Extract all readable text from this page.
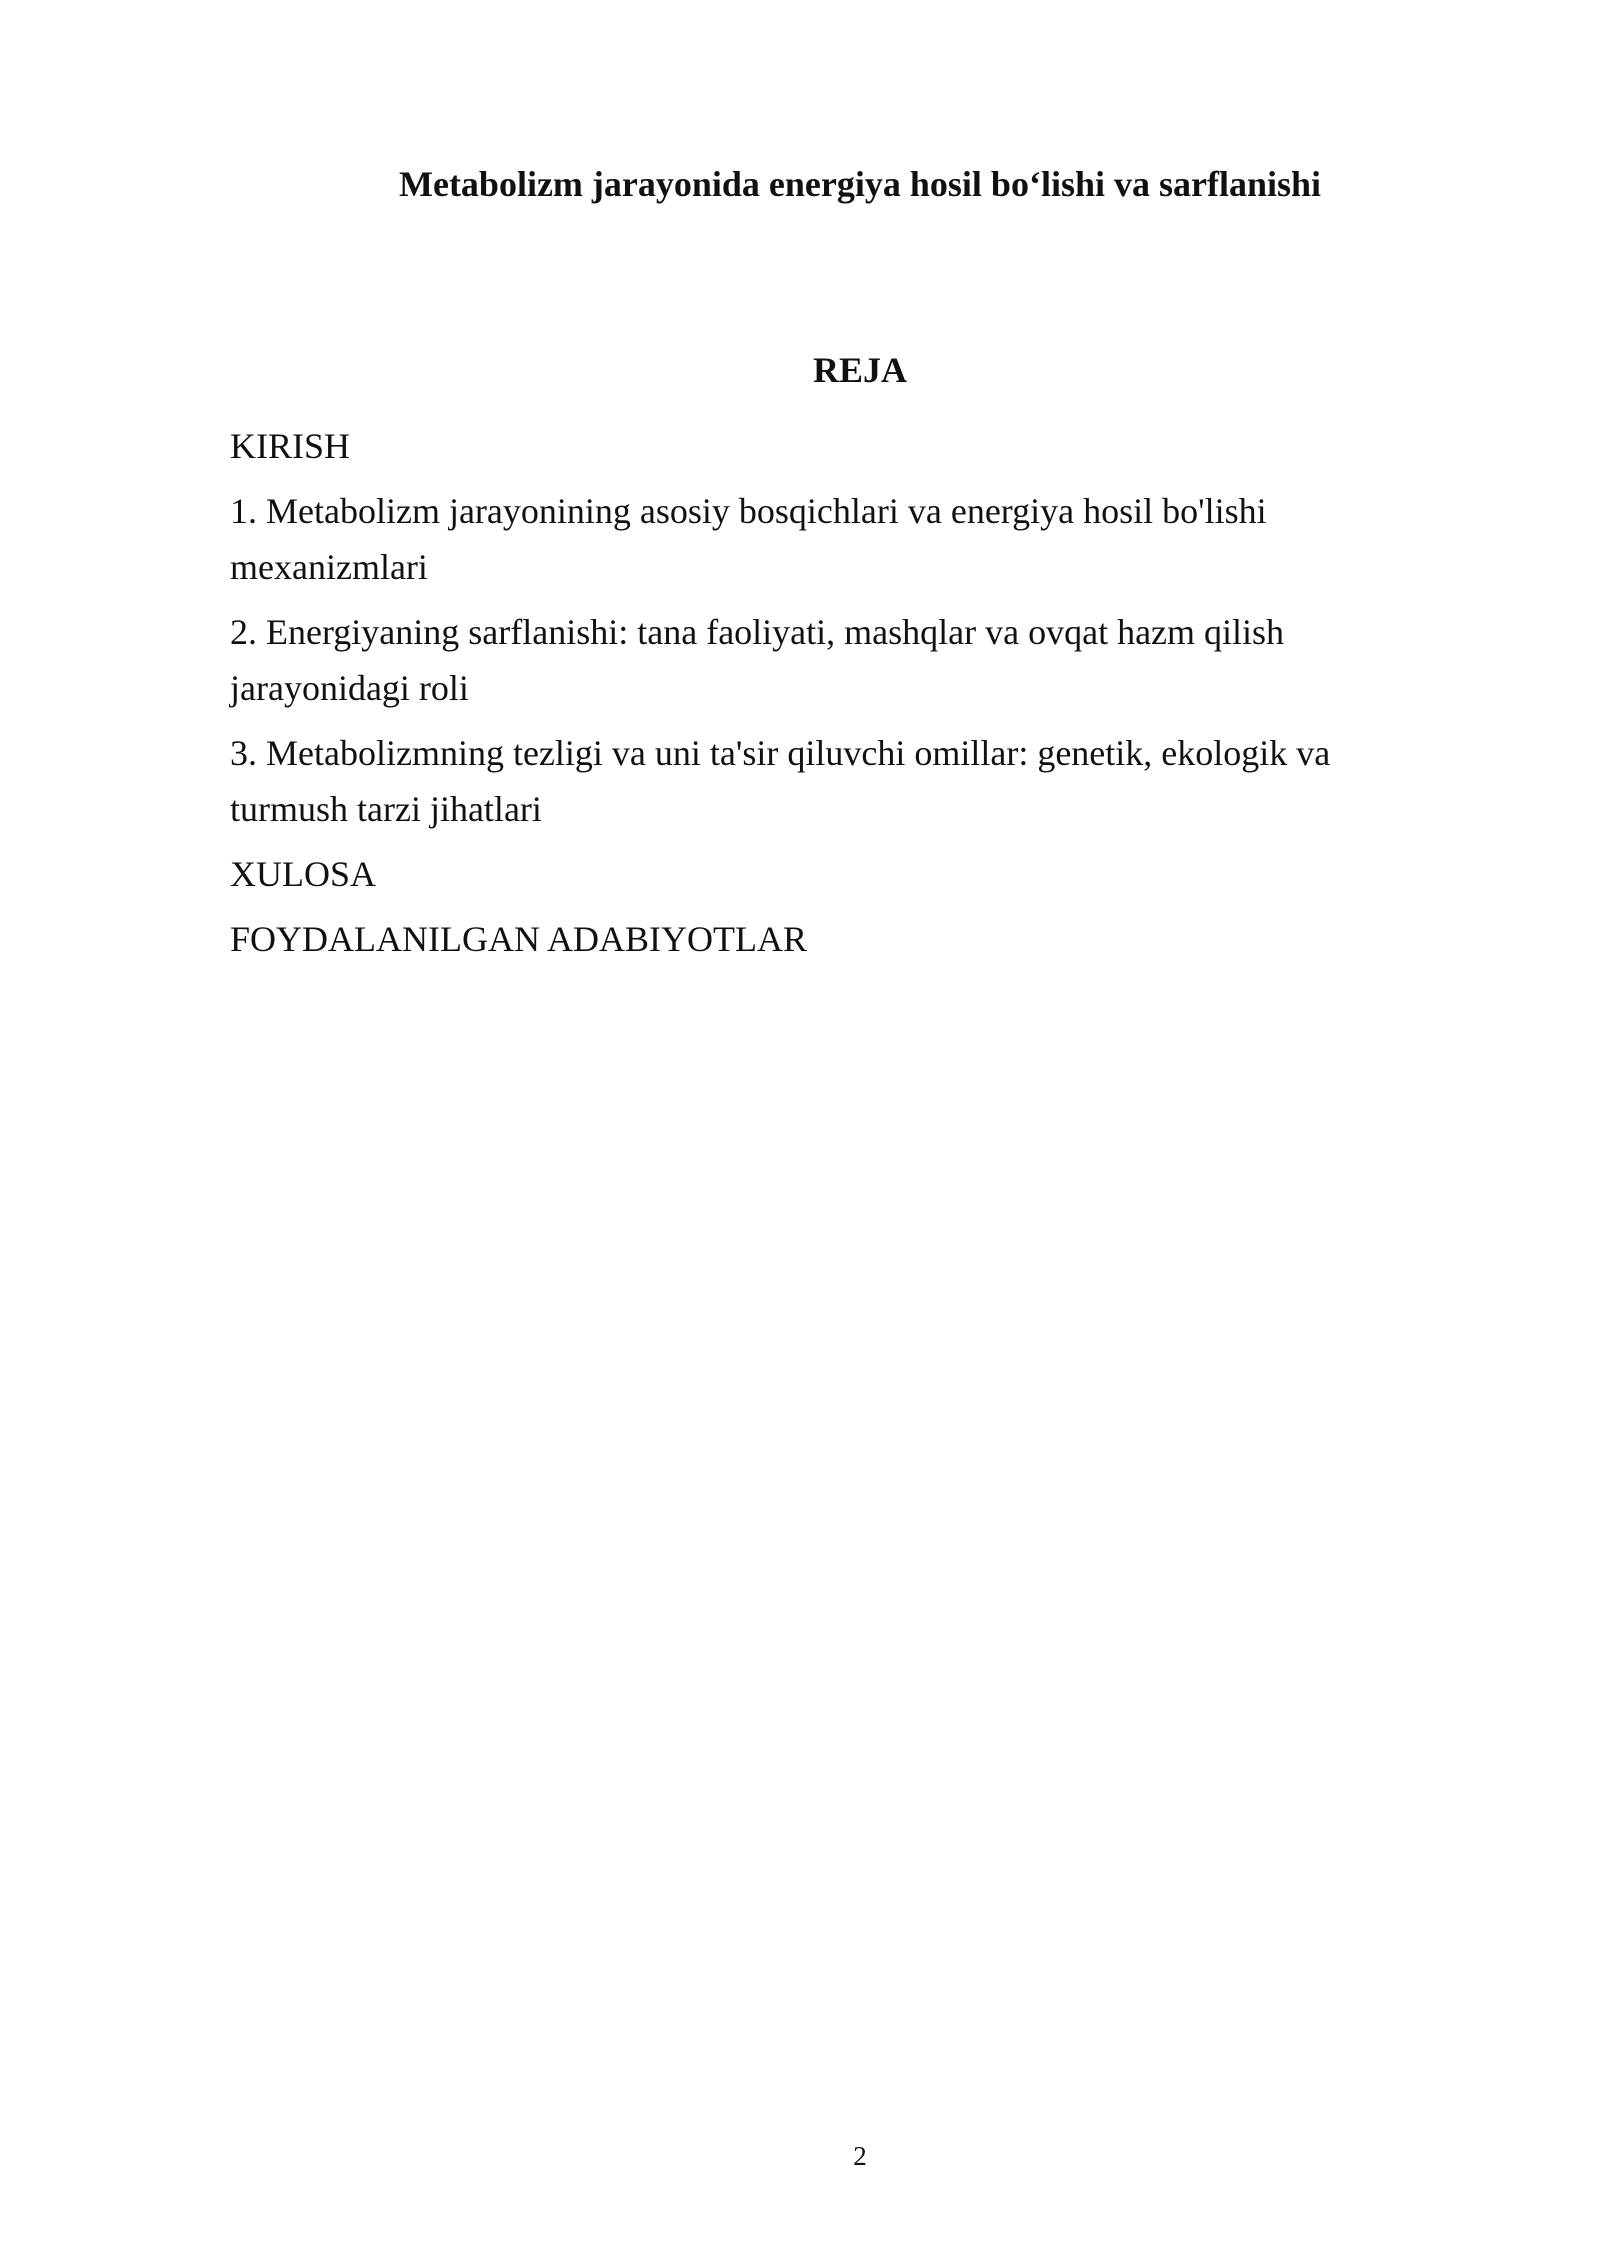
Metabolizm jarayonida energiya hosil bo‘lishi va sarflanishi
REJA
KIRISH
1. Metabolizm jarayonining asosiy bosqichlari va energiya hosil bo'lishi mexanizmlari
2. Energiyaning sarflanishi: tana faoliyati, mashqlar va ovqat hazm qilish jarayonidagi roli
3. Metabolizmning tezligi va uni ta'sir qiluvchi omillar: genetik, ekologik va turmush tarzi jihatlari
XULOSA
FOYDALANILGAN ADABIYOTLAR
2
